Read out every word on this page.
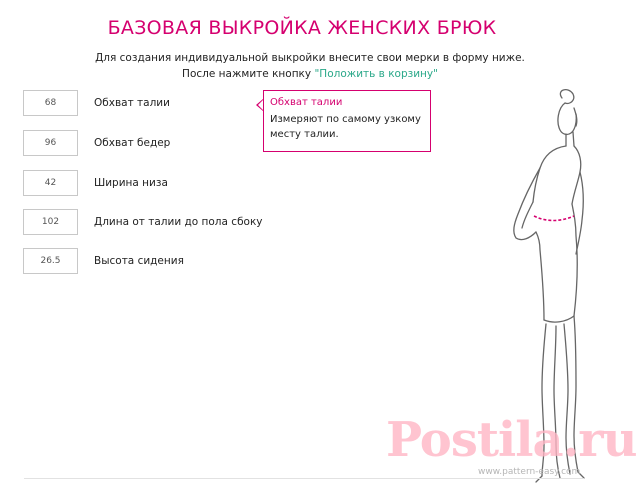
БАЗОВАЯ ВЫКРОЙКА ЖЕНСКИХ БРЮК
Для создания индивидуальной выкройки внесите свои мерки в форму ниже.
После нажмите кнопку "Положить в корзину"
68
Обхват талии
96
Обхват бедер
42
Ширина низа
102
Длина от талии до пола сбоку
26.5
Высота сидения
Обхват талии
Измеряют по самому узкому месту талии.
Postila.ru
www.pattern-easy.com
